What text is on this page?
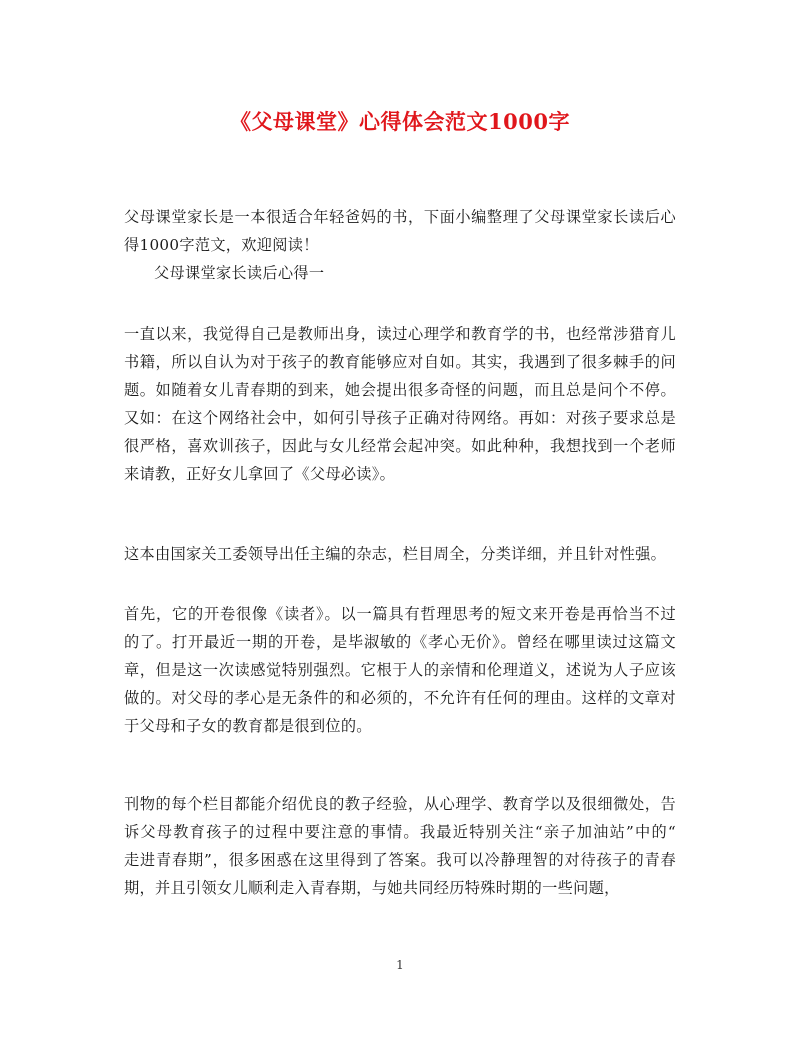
《父母课堂》心得体会范文1000字
父母课堂家长是一本很适合年轻爸妈的书，下面小编整理了父母课堂家长读后心
得1000字范文，欢迎阅读！
父母课堂家长读后心得一
一直以来，我觉得自己是教师出身，读过心理学和教育学的书，也经常涉猎育儿
书籍，所以自认为对于孩子的教育能够应对自如。其实，我遇到了很多棘手的问
题。如随着女儿青春期的到来，她会提出很多奇怪的问题，而且总是问个不停。
又如：在这个网络社会中，如何引导孩子正确对待网络。再如：对孩子要求总是
很严格，喜欢训孩子，因此与女儿经常会起冲突。如此种种，我想找到一个老师
来请教，正好女儿拿回了《父母必读》。
这本由国家关工委领导出任主编的杂志，栏目周全，分类详细，并且针对性强。
首先，它的开卷很像《读者》。以一篇具有哲理思考的短文来开卷是再恰当不过
的了。打开最近一期的开卷，是毕淑敏的《孝心无价》。曾经在哪里读过这篇文
章，但是这一次读感觉特别强烈。它根于人的亲情和伦理道义，述说为人子应该
做的。对父母的孝心是无条件的和必须的，不允许有任何的理由。这样的文章对
于父母和子女的教育都是很到位的。
刊物的每个栏目都能介绍优良的教子经验，从心理学、教育学以及很细微处，告
诉父母教育孩子的过程中要注意的事情。我最近特别关注“亲子加油站”中的“
走进青春期”，很多困惑在这里得到了答案。我可以冷静理智的对待孩子的青春
期，并且引领女儿顺利走入青春期，与她共同经历特殊时期的一些问题，
1
